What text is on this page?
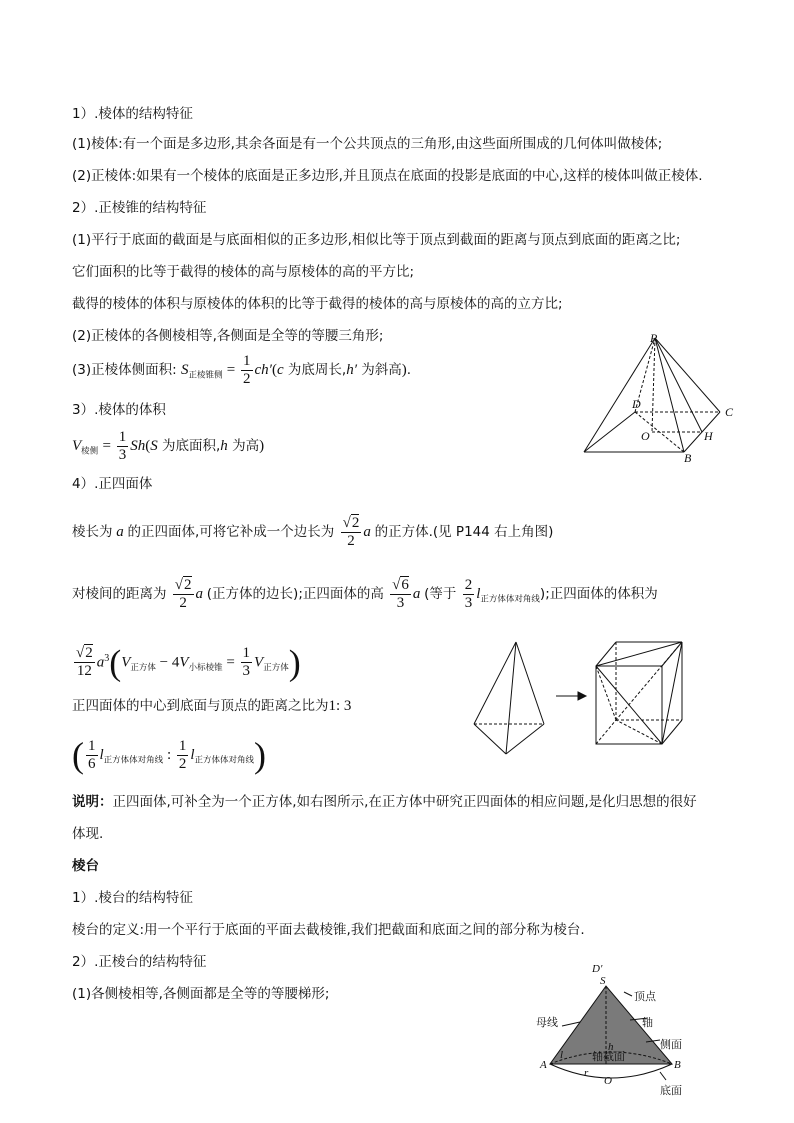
1）.棱体的结构特征
(1)棱体:有一个面是多边形,其余各面是有一个公共顶点的三角形,由这些面所围成的几何体叫做棱体;
(2)正棱体:如果有一个棱体的底面是正多边形,并且顶点在底面的投影是底面的中心,这样的棱体叫做正棱体.
2）.正棱锥的结构特征
(1)平行于底面的截面是与底面相似的正多边形,相似比等于顶点到截面的距离与顶点到底面的距离之比;
它们面积的比等于截得的棱体的高与原棱体的高的平方比;
截得的棱体的体积与原棱体的体积的比等于截得的棱体的高与原棱体的高的立方比;
(2)正棱体的各侧棱相等,各侧面是全等的等腰三角形;
(3)正棱体侧面积: $S_{正棱锥侧} = \frac{1}{2} ch'(c$ 为底周长,h′ 为斜高).
3）.棱体的体积
$V_{棱侧} = \frac{1}{3} Sh(S$ 为底面积,h 为高)
4）.正四面体
棱长为 a 的正四面体,可将它补成一个边长为 $\frac{√2}{2}$ a 的正方体.(见 P144 右上角图)
对棱间的距离为 $\frac{√2}{2}$ a (正方体的边长);正四面体的高 $\frac{√6}{3}$ a (等于 $\frac{2}{3} l_{正方体体对角线}$);正四面体的体积为
$\frac{√2}{12} a^3(V_{正方体} - 4V_{小标棱锥} = \frac{1}{3} V_{正方体})$
正四面体的中心到底面与顶点的距离之比为1: 3
( $\frac{1}{6} l_{正方体体对角线}$ : $\frac{1}{2} l_{正方体体对角线}$)
说明：正四面体,可补全为一个正方体,如右图所示,在正方体中研究正四面体的相应问题,是化归思想的很好
体现.
棱台
1）.棱台的结构特征
棱台的定义:用一个平行于底面的平面去截棱锥,我们把截面和底面之间的部分称为棱台.
2）.正棱台的结构特征
(1)各侧棱相等,各侧面都是全等的等腰梯形;
P
D
C
O	H
B
D′
S
顶点
母线	轴
侧面
l
h
轴截面
A
r
O
B
底面
